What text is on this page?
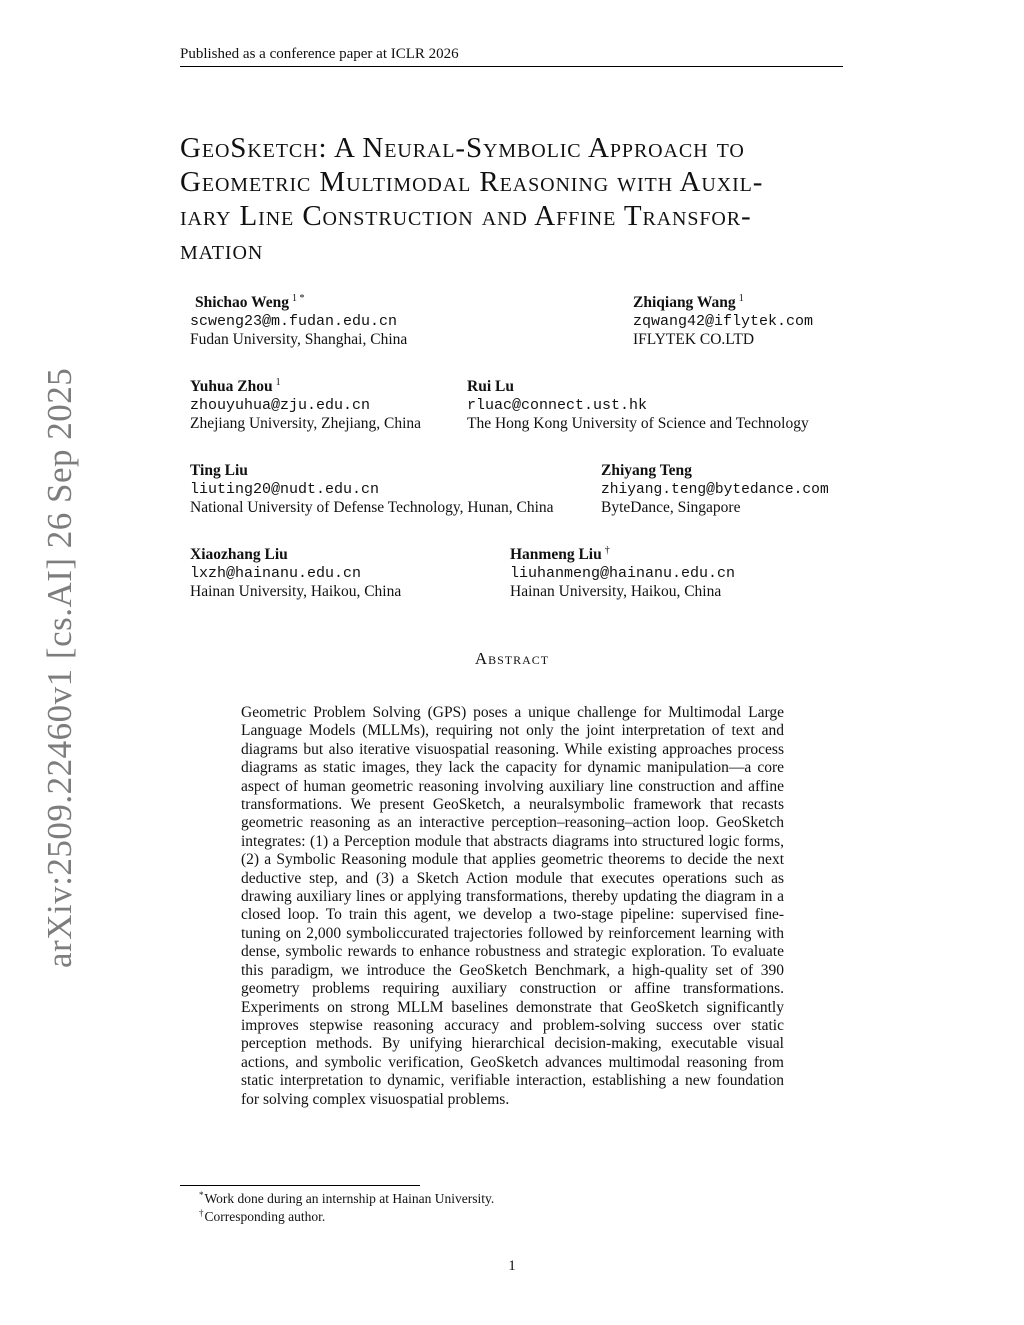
Published as a conference paper at ICLR 2026
arXiv:2509.22460v1 [cs.AI] 26 Sep 2025
GeoSketch: A Neural-Symbolic Approach to
Geometric Multimodal Reasoning with Auxil-
iary Line Construction and Affine Transfor-
mation
Shichao Weng $^{1 *}$
scweng23@m.fudan.edu.cn
Fudan University, Shanghai, China
Zhiqiang Wang $^1$
zqwang42@iflytek.com
IFLYTEK CO.LTD
Yuhua Zhou $^1$
zhouyuhua@zju.edu.cn
Zhejiang University, Zhejiang, China
Rui Lu
rluac@connect.ust.hk
The Hong Kong University of Science and Technology
Ting Liu
liuting20@nudt.edu.cn
National University of Defense Technology, Hunan, China
Zhiyang Teng
zhiyang.teng@bytedance.com
ByteDance, Singapore
Xiaozhang Liu
lxzh@hainanu.edu.cn
Hainan University, Haikou, China
Hanmeng Liu †
liuhanmeng@hainanu.edu.cn
Hainan University, Haikou, China
Abstract

Geometric Problem Solving (GPS) poses a unique challenge for Multimodal Large Language Models (MLLMs), requiring not only the joint interpretation of text and diagrams but also iterative visuospatial reasoning. While existing approaches process diagrams as static images, they lack the capacity for dynamic manipulation—a core aspect of human geometric reasoning involving auxiliary line construction and affine transformations. We present GeoSketch, a neuralsymbolic framework that recasts geometric reasoning as an interactive perception–reasoning–action loop. GeoSketch integrates: (1) a Perception module that abstracts diagrams into structured logic forms, (2) a Symbolic Reasoning module that applies geometric theorems to decide the next deductive step, and (3) a Sketch Action module that executes operations such as drawing auxiliary lines or applying transformations, thereby updating the diagram in a closed loop. To train this agent, we develop a two-stage pipeline: supervised fine-tuning on 2,000 symboliccurated trajectories followed by reinforcement learning with dense, symbolic rewards to enhance robustness and strategic exploration. To evaluate this paradigm, we introduce the GeoSketch Benchmark, a high-quality set of 390 geometry problems requiring auxiliary construction or affine transformations. Experiments on strong MLLM baselines demonstrate that GeoSketch significantly improves stepwise reasoning accuracy and problem-solving success over static perception methods. By unifying hierarchical decision-making, executable visual actions, and symbolic verification, GeoSketch advances multimodal reasoning from static interpretation to dynamic, verifiable interaction, establishing a new foundation for solving complex visuospatial problems.

*Work done during an internship at Hainan University.
†Corresponding author.
1
